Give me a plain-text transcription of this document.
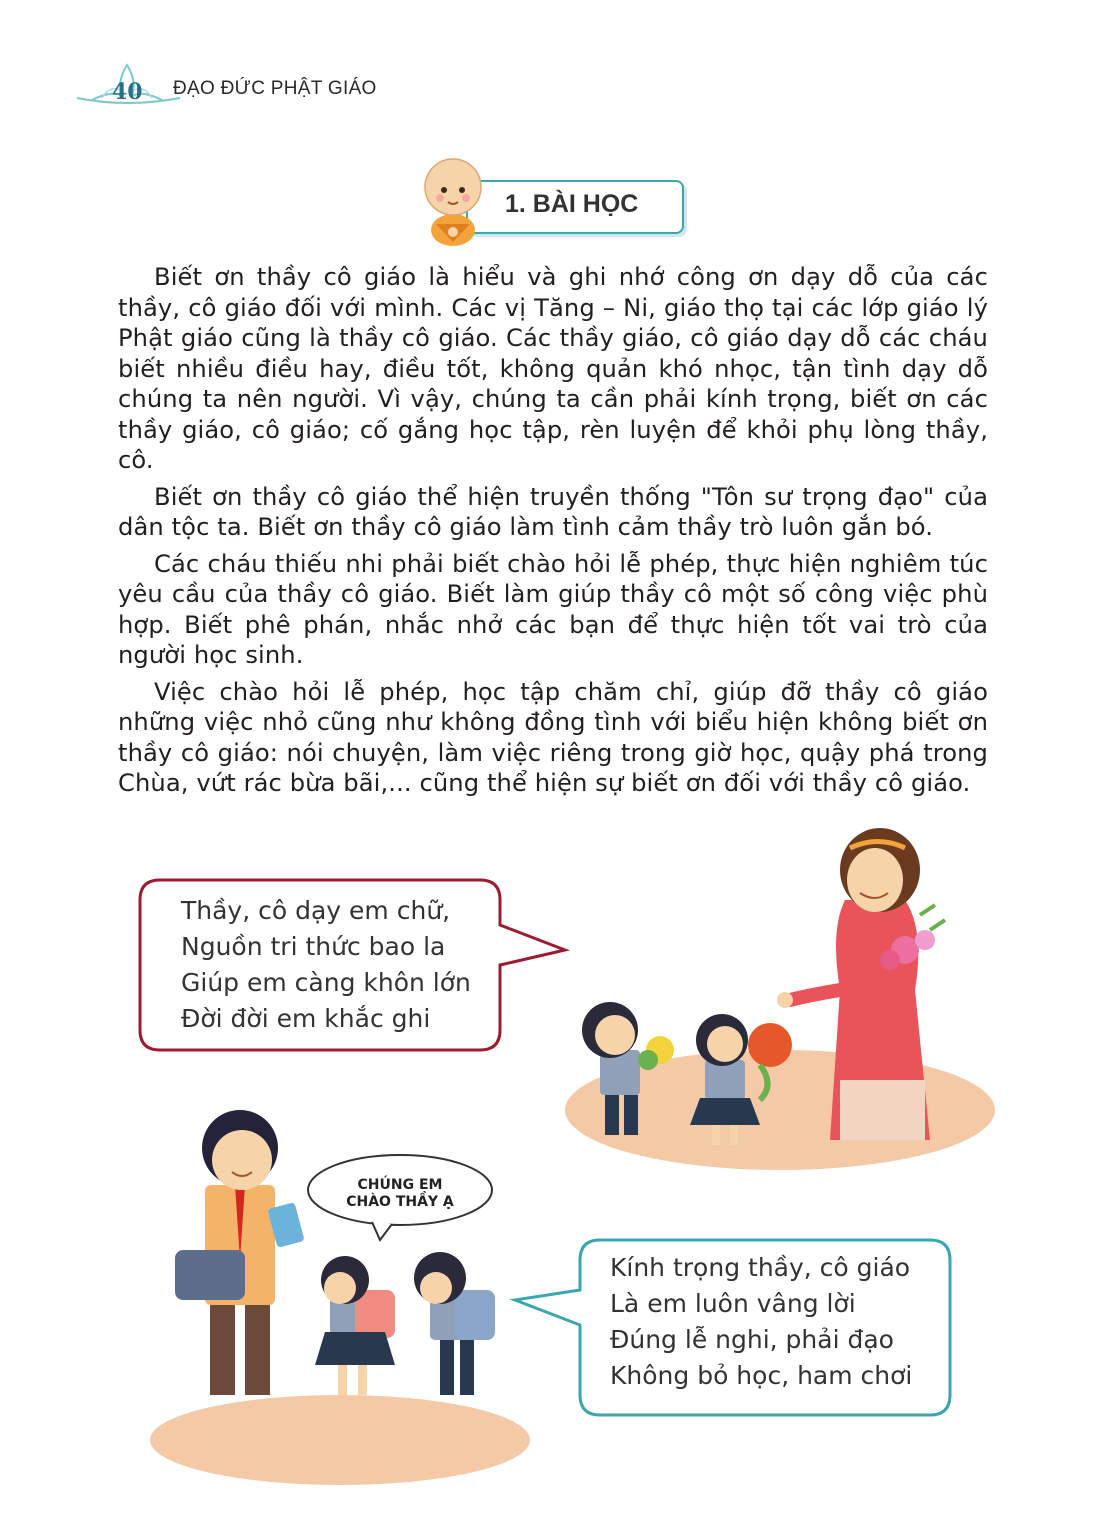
40 ĐẠO ĐỨC PHẬT GIÁO
1. BÀI HỌC

Biết ơn thầy cô giáo là hiểu và ghi nhớ công ơn dạy dỗ của các thầy, cô giáo đối với mình. Các vị Tăng – Ni, giáo thọ tại các lớp giáo lý Phật giáo cũng là thầy cô giáo. Các thầy giáo, cô giáo dạy dỗ các cháu biết nhiều điều hay, điều tốt, không quản khó nhọc, tận tình dạy dỗ chúng ta nên người. Vì vậy, chúng ta cần phải kính trọng, biết ơn các thầy giáo, cô giáo; cố gắng học tập, rèn luyện để khỏi phụ lòng thầy, cô.

Biết ơn thầy cô giáo thể hiện truyền thống "Tôn sư trọng đạo" của dân tộc ta. Biết ơn thầy cô giáo làm tình cảm thầy trò luôn gắn bó.

Các cháu thiếu nhi phải biết chào hỏi lễ phép, thực hiện nghiêm túc yêu cầu của thầy cô giáo. Biết làm giúp thầy cô một số công việc phù hợp. Biết phê phán, nhắc nhở các bạn để thực hiện tốt vai trò của người học sinh.

Việc chào hỏi lễ phép, học tập chăm chỉ, giúp đỡ thầy cô giáo những việc nhỏ cũng như không đồng tình với biểu hiện không biết ơn thầy cô giáo: nói chuyện, làm việc riêng trong giờ học, quậy phá trong Chùa, vứt rác bừa bãi,... cũng thể hiện sự biết ơn đối với thầy cô giáo.

Thầy, cô dạy em chữ,
Nguồn tri thức bao la
Giúp em càng khôn lớn
Đời đời em khắc ghi
CHÚNG EM
CHÀO THẦY Ạ
Kính trọng thầy, cô giáo
Là em luôn vâng lời
Đúng lễ nghi, phải đạo
Không bỏ học, ham chơi
